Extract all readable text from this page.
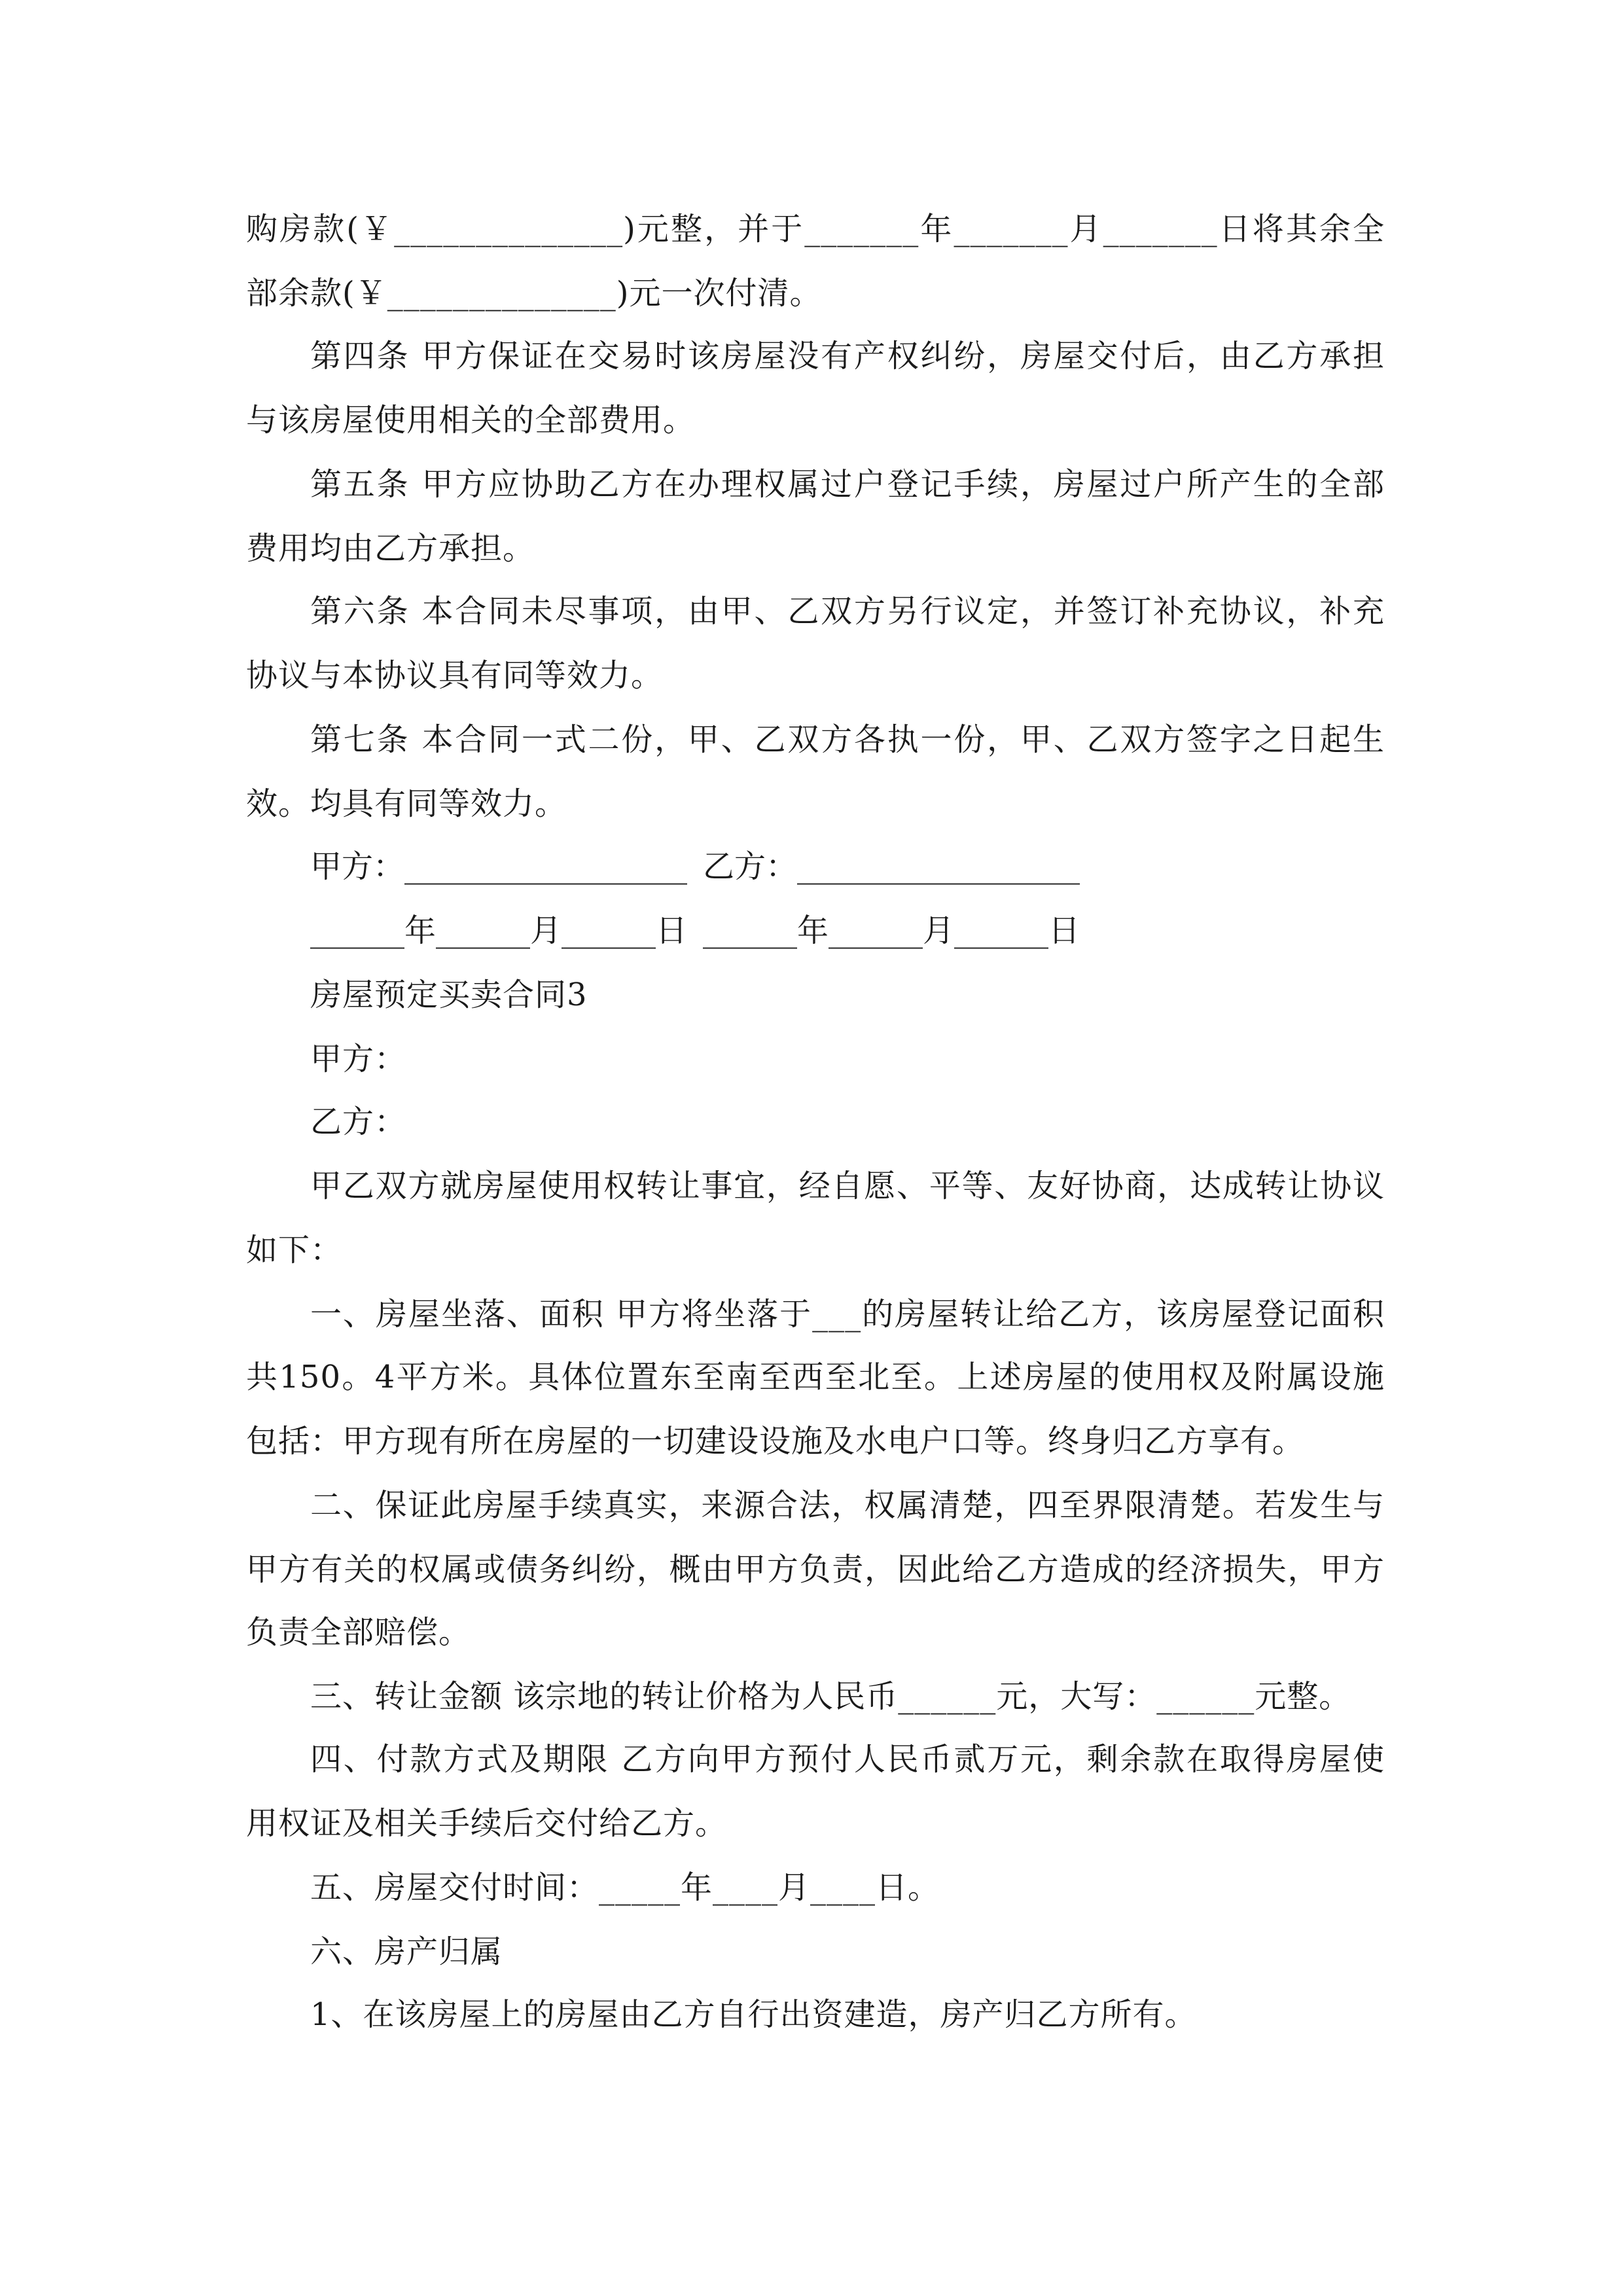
购房款(￥______________)元整，并于_______年_______月_______日将其余全
部余款(￥______________)元一次付清。
第四条 甲方保证在交易时该房屋没有产权纠纷，房屋交付后，由乙方承担
与该房屋使用相关的全部费用。
第五条 甲方应协助乙方在办理权属过户登记手续，房屋过户所产生的全部
费用均由乙方承担。
第六条 本合同未尽事项，由甲、乙双方另行议定，并签订补充协议，补充
协议与本协议具有同等效力。
第七条 本合同一式二份，甲、乙双方各执一份，甲、乙双方签字之日起生
效。均具有同等效力。
甲方：__________________ 乙方：__________________
______年______月______日 ______年______月______日
房屋预定买卖合同3
甲方：
乙方：
甲乙双方就房屋使用权转让事宜，经自愿、平等、友好协商，达成转让协议
如下：
一、房屋坐落、面积 甲方将坐落于___的房屋转让给乙方，该房屋登记面积
共150。4平方米。具体位置东至南至西至北至。上述房屋的使用权及附属设施
包括：甲方现有所在房屋的一切建设设施及水电户口等。终身归乙方享有。
二、保证此房屋手续真实，来源合法，权属清楚，四至界限清楚。若发生与
甲方有关的权属或债务纠纷，概由甲方负责，因此给乙方造成的经济损失，甲方
负责全部赔偿。
三、转让金额 该宗地的转让价格为人民币______元，大写：______元整。
四、付款方式及期限 乙方向甲方预付人民币贰万元，剩余款在取得房屋使
用权证及相关手续后交付给乙方。
五、房屋交付时间：_____年____月____日。
六、房产归属
1、在该房屋上的房屋由乙方自行出资建造，房产归乙方所有。
